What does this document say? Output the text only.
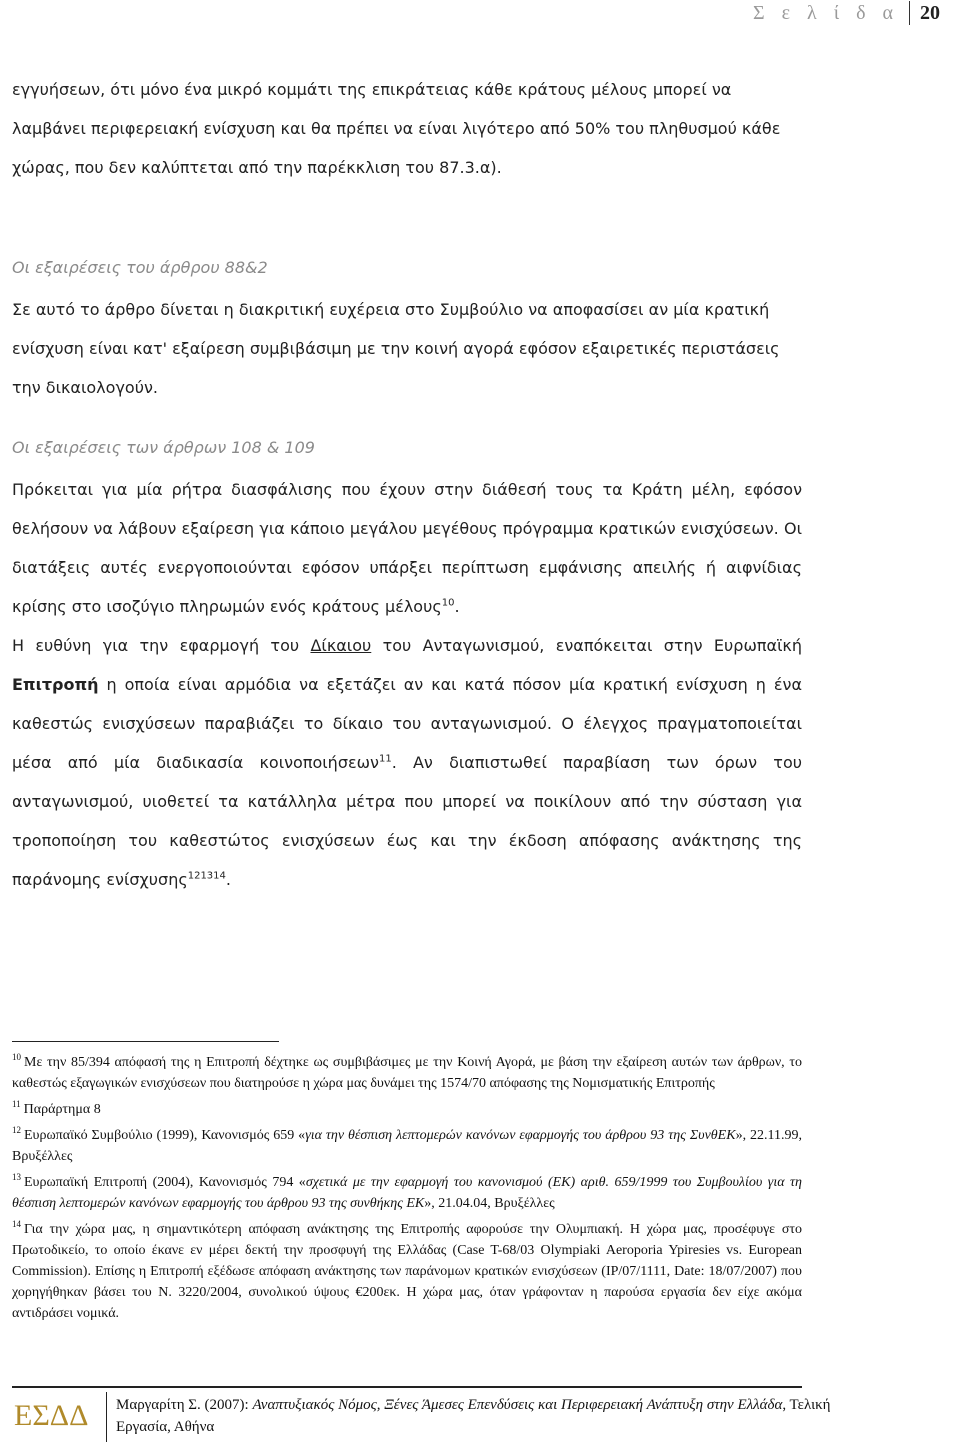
Σ ε λ ί δ α 20

εγγυήσεων, ότι μόνο ένα μικρό κομμάτι της επικράτειας κάθε κράτους μέλους μπορεί να λαμβάνει περιφερειακή ενίσχυση και θα πρέπει να είναι λιγότερο από 50% του πληθυσμού κάθε χώρας, που δεν καλύπτεται από την παρέκκλιση του 87.3.α).

Οι εξαιρέσεις του άρθρου 88&2

Σε αυτό το άρθρο δίνεται η διακριτική ευχέρεια στο Συμβούλιο να αποφασίσει αν μία κρατική ενίσχυση είναι κατ' εξαίρεση συμβιβάσιμη με την κοινή αγορά εφόσον εξαιρετικές περιστάσεις την δικαιολογούν.

Οι εξαιρέσεις των άρθρων 108 & 109

Πρόκειται για μία ρήτρα διασφάλισης που έχουν στην διάθεσή τους τα Κράτη μέλη, εφόσον θελήσουν να λάβουν εξαίρεση για κάποιο μεγάλου μεγέθους πρόγραμμα κρατικών ενισχύσεων. Οι διατάξεις αυτές ενεργοποιούνται εφόσον υπάρξει περίπτωση εμφάνισης απειλής ή αιφνίδιας κρίσης στο ισοζύγιο πληρωμών ενός κράτους μέλους$^{10}$.

Η ευθύνη για την εφαρμογή του Δίκαιου του Ανταγωνισμού, εναπόκειται στην Ευρωπαϊκή Επιτροπή η οποία είναι αρμόδια να εξετάζει αν και κατά πόσον μία κρατική ενίσχυση η ένα καθεστώς ενισχύσεων παραβιάζει το δίκαιο του ανταγωνισμού. Ο έλεγχος πραγματοποιείται μέσα από μία διαδικασία κοινοποιήσεων$^{11}$. Αν διαπιστωθεί παραβίαση των όρων του ανταγωνισμού, υιοθετεί τα κατάλληλα μέτρα που μπορεί να ποικίλουν από την σύσταση για τροποποίηση του καθεστώτος ενισχύσεων έως και την έκδοση απόφασης ανάκτησης της παράνομης ενίσχυσης$^{121314}$.

$^{10}$ Με την 85/394 απόφασή της η Επιτροπή δέχτηκε ως συμβιβάσιμες με την Κοινή Αγορά, με βάση την εξαίρεση αυτών των άρθρων, το καθεστώς εξαγωγικών ενισχύσεων που διατηρούσε η χώρα μας δυνάμει της 1574/70 απόφασης της Νομισματικής Επιτροπής

$^{11}$ Παράρτημα 8

$^{12}$ Ευρωπαϊκό Συμβούλιο (1999), Κανονισμός 659 «για την θέσπιση λεπτομερών κανόνων εφαρμογής του άρθρου 93 της ΣυνθΕΚ», 22.11.99, Βρυξέλλες

$^{13}$ Ευρωπαϊκή Επιτροπή (2004), Κανονισμός 794 «σχετικά με την εφαρμογή του κανονισμού (ΕΚ) αριθ. 659/1999 του Συμβουλίου για τη θέσπιση λεπτομερών κανόνων εφαρμογής του άρθρου 93 της συνθήκης ΕΚ», 21.04.04, Βρυξέλλες

$^{14}$ Για την χώρα μας, η σημαντικότερη απόφαση ανάκτησης της Επιτροπής αφορούσε την Ολυμπιακή. Η χώρα μας, προσέφυγε στο Πρωτοδικείο, το οποίο έκανε εν μέρει δεκτή την προσφυγή της Ελλάδας (Case T-68/03 Olympiaki Aeroporia Ypiresies vs. European Commission). Επίσης η Επιτροπή εξέδωσε απόφαση ανάκτησης των παράνομων κρατικών ενισχύσεων (IP/07/1111, Date: 18/07/2007) που χορηγήθηκαν βάσει του Ν. 3220/2004, συνολικού ύψους €200εκ. Η χώρα μας, όταν γράφονταν η παρούσα εργασία δεν είχε ακόμα αντιδράσει νομικά.

ΕΣΔΔ	Μαργαρίτη Σ. (2007): Αναπτυξιακός Νόμος, Ξένες Άμεσες Επενδύσεις και Περιφερειακή Ανάπτυξη στην Ελλάδα, Τελική Εργασία, Αθήνα
